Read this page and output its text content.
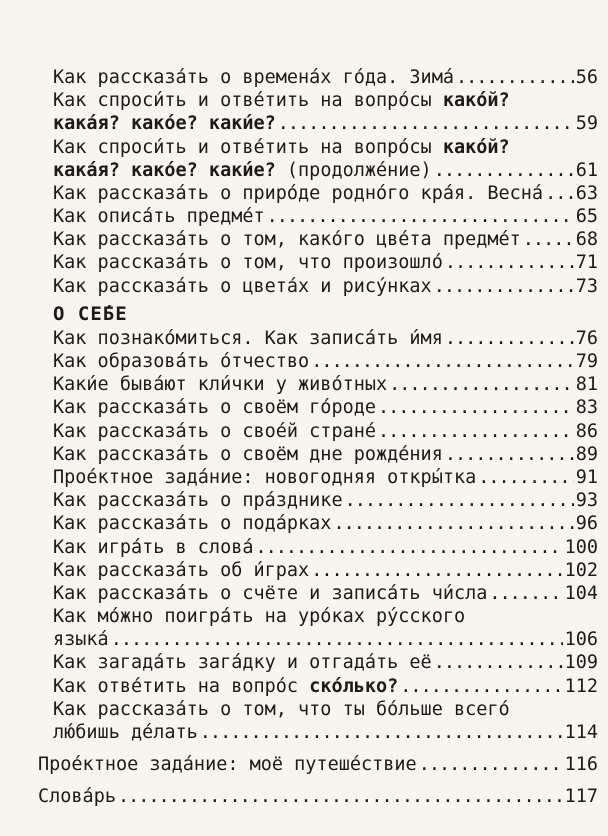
Как рассказа́ть о времена́х го́да. Зима́ .....	56
Как спроси́ть и отве́тить на вопро́сы како́й?
кака́я? како́е? каки́е? .....	59
Как спроси́ть и отве́тить на вопро́сы како́й?
кака́я? како́е? каки́е? (продолже́ние) .....	61
Как рассказа́ть о приро́де родно́го кра́я. Весна́ ..... 63
Как описа́ть предме́т .....	65
Как рассказа́ть о том, како́го цве́та предме́т .....	68
Как рассказа́ть о том, что произошло́ .....	71
Как рассказа́ть о цвета́х и рису́нках .....	73
О СЕ́БЕ
Как познако́миться. Как записа́ть и́мя .....	76
Как образова́ть о́тчество .....	79
Каки́е быва́ют кли́чки у живо́тных .....	81
Как рассказа́ть о своём го́роде .....	83
Как рассказа́ть о свое́й стране́ .....	86
Как рассказа́ть о своём дне рожде́ния .....	89
Прое́ктное зада́ние: новогодняя откры́тка .....	91
Как рассказа́ть о пра́зднике .....	93
Как рассказа́ть о пода́рках .....	96
Как игра́ть в слова́ .....	100
Как рассказа́ть об и́грах .....	102
Как рассказа́ть о счёте и записа́ть чи́сла .....	104
Как мо́жно поигра́ть на уро́ках ру́сского
языка́ .....	106
Как загада́ть зага́дку и отгада́ть её .....	109
Как отве́тить на вопро́с ско́лько? .....	112
Как рассказа́ть о том, что ты бо́льше всего́
лю́бишь де́лать .....	114
Прое́ктное зада́ние: моё путеше́ствие .....	116
Слова́рь .....	117
